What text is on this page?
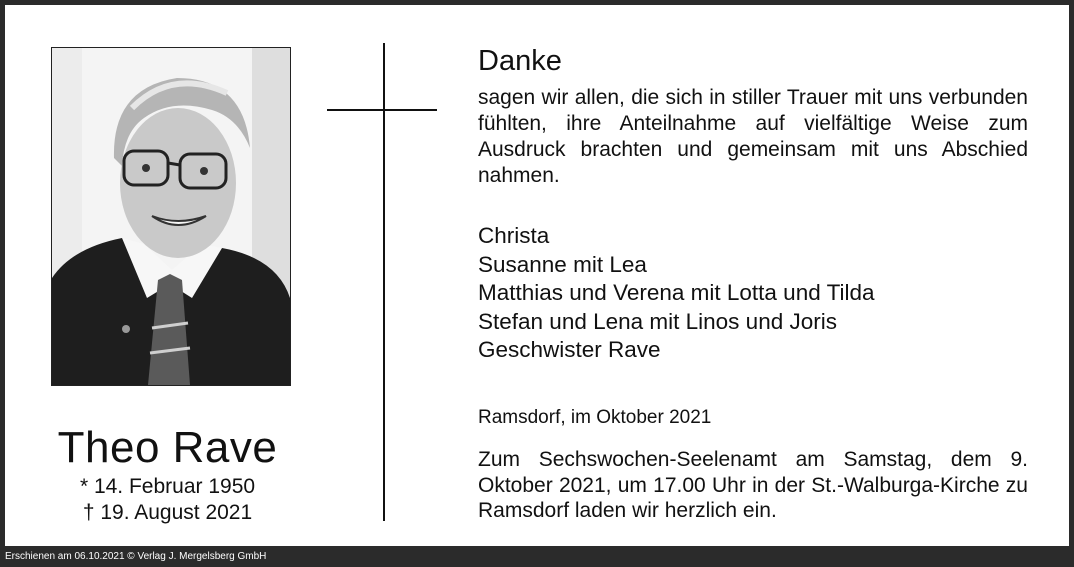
Theo Rave
* 14. Februar 1950
† 19. August 2021
Danke
sagen wir allen, die sich in stiller Trauer mit uns verbunden fühlten, ihre Anteilnahme auf vielfältige Weise zum Ausdruck brachten und gemeinsam mit uns Abschied nahmen.
Christa
Susanne mit Lea
Matthias und Verena mit Lotta und Tilda
Stefan und Lena mit Linos und Joris
Geschwister Rave
Ramsdorf, im Oktober 2021
Zum Sechswochen-Seelenamt am Samstag, dem 9. Oktober 2021, um 17.00 Uhr in der St.-Walburga-Kirche zu Ramsdorf laden wir herzlich ein.
Erschienen am 06.10.2021 © Verlag J. Mergelsberg GmbH
